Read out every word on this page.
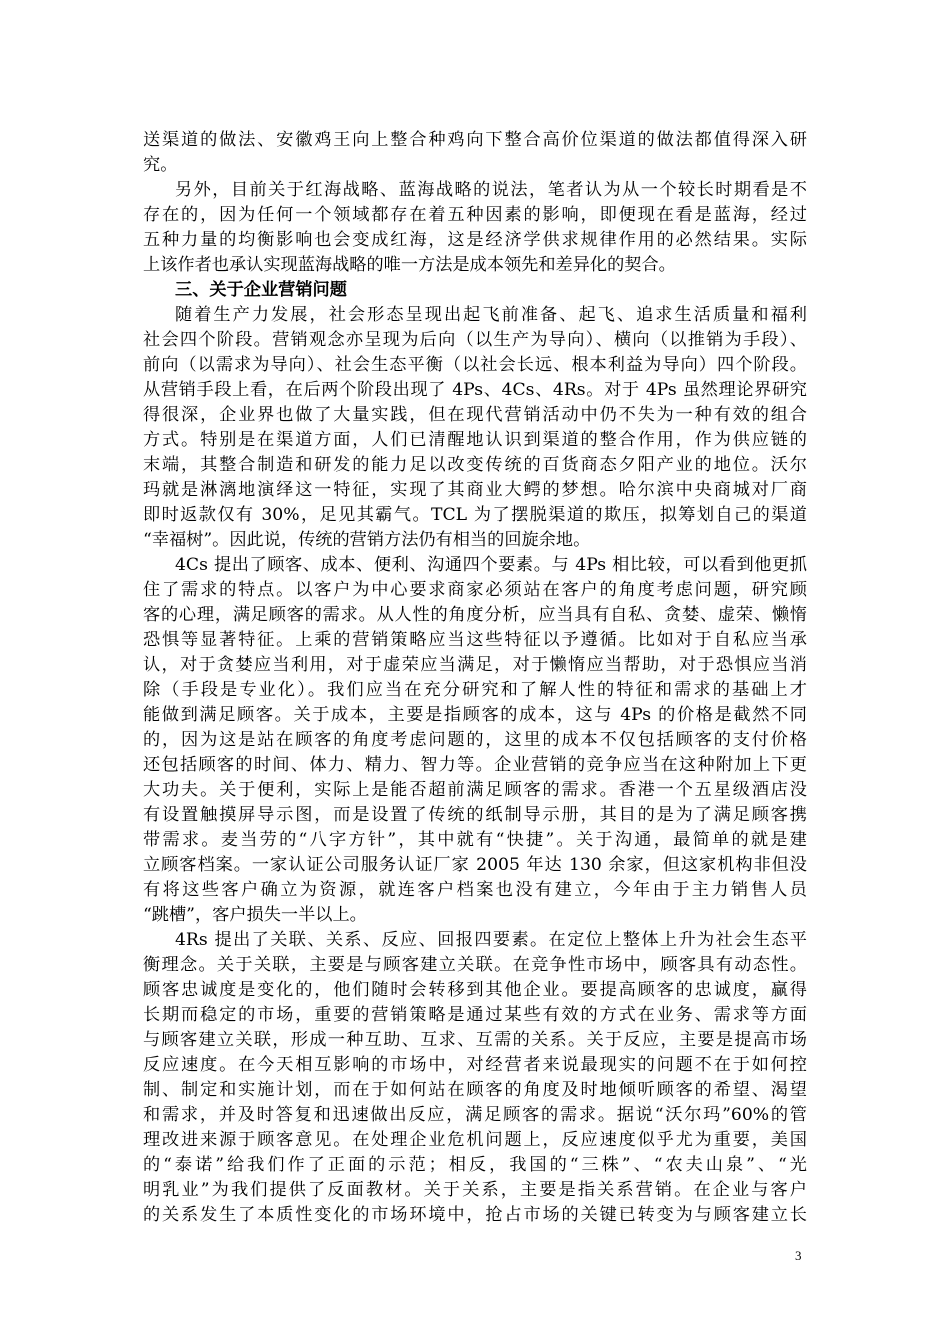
送渠道的做法、安徽鸡王向上整合种鸡向下整合高价位渠道的做法都值得深入研
究。
另外，目前关于红海战略、蓝海战略的说法，笔者认为从一个较长时期看是不
存在的，因为任何一个领域都存在着五种因素的影响，即便现在看是蓝海，经过
五种力量的均衡影响也会变成红海，这是经济学供求规律作用的必然结果。实际
上该作者也承认实现蓝海战略的唯一方法是成本领先和差异化的契合。
三、关于企业营销问题
随着生产力发展，社会形态呈现出起飞前准备、起飞、追求生活质量和福利
社会四个阶段。营销观念亦呈现为后向（以生产为导向）、横向（以推销为手段）、
前向（以需求为导向）、社会生态平衡（以社会长远、根本利益为导向）四个阶段。
从营销手段上看，在后两个阶段出现了 4Ps、4Cs、4Rs。对于 4Ps 虽然理论界研究
得很深，企业界也做了大量实践，但在现代营销活动中仍不失为一种有效的组合
方式。特别是在渠道方面，人们已清醒地认识到渠道的整合作用，作为供应链的
末端，其整合制造和研发的能力足以改变传统的百货商态夕阳产业的地位。沃尔
玛就是淋漓地演绎这一特征，实现了其商业大鳄的梦想。哈尔滨中央商城对厂商
即时返款仅有 30%，足见其霸气。TCL 为了摆脱渠道的欺压，拟筹划自己的渠道
“幸福树”。因此说，传统的营销方法仍有相当的回旋余地。
4Cs 提出了顾客、成本、便利、沟通四个要素。与 4Ps 相比较，可以看到他更抓
住了需求的特点。以客户为中心要求商家必须站在客户的角度考虑问题，研究顾
客的心理，满足顾客的需求。从人性的角度分析，应当具有自私、贪婪、虚荣、懒惰
恐惧等显著特征。上乘的营销策略应当这些特征以予遵循。比如对于自私应当承
认，对于贪婪应当利用，对于虚荣应当满足，对于懒惰应当帮助，对于恐惧应当消
除（手段是专业化）。我们应当在充分研究和了解人性的特征和需求的基础上才
能做到满足顾客。关于成本，主要是指顾客的成本，这与 4Ps 的价格是截然不同
的，因为这是站在顾客的角度考虑问题的，这里的成本不仅包括顾客的支付价格
还包括顾客的时间、体力、精力、智力等。企业营销的竞争应当在这种附加上下更
大功夫。关于便利，实际上是能否超前满足顾客的需求。香港一个五星级酒店没
有设置触摸屏导示图，而是设置了传统的纸制导示册，其目的是为了满足顾客携
带需求。麦当劳的“八字方针”，其中就有“快捷”。关于沟通，最简单的就是建
立顾客档案。一家认证公司服务认证厂家 2005 年达 130 余家，但这家机构非但没
有将这些客户确立为资源，就连客户档案也没有建立，今年由于主力销售人员
“跳槽”，客户损失一半以上。
4Rs 提出了关联、关系、反应、回报四要素。在定位上整体上升为社会生态平
衡理念。关于关联，主要是与顾客建立关联。在竞争性市场中，顾客具有动态性。
顾客忠诚度是变化的，他们随时会转移到其他企业。要提高顾客的忠诚度，赢得
长期而稳定的市场，重要的营销策略是通过某些有效的方式在业务、需求等方面
与顾客建立关联，形成一种互助、互求、互需的关系。关于反应，主要是提高市场
反应速度。在今天相互影响的市场中，对经营者来说最现实的问题不在于如何控
制、制定和实施计划，而在于如何站在顾客的角度及时地倾听顾客的希望、渴望
和需求，并及时答复和迅速做出反应，满足顾客的需求。据说“沃尔玛”60%的管
理改进来源于顾客意见。在处理企业危机问题上，反应速度似乎尤为重要，美国
的“泰诺”给我们作了正面的示范；相反，我国的“三株”、“农夫山泉”、“光
明乳业”为我们提供了反面教材。关于关系，主要是指关系营销。在企业与客户
的关系发生了本质性变化的市场环境中，抢占市场的关键已转变为与顾客建立长
3
